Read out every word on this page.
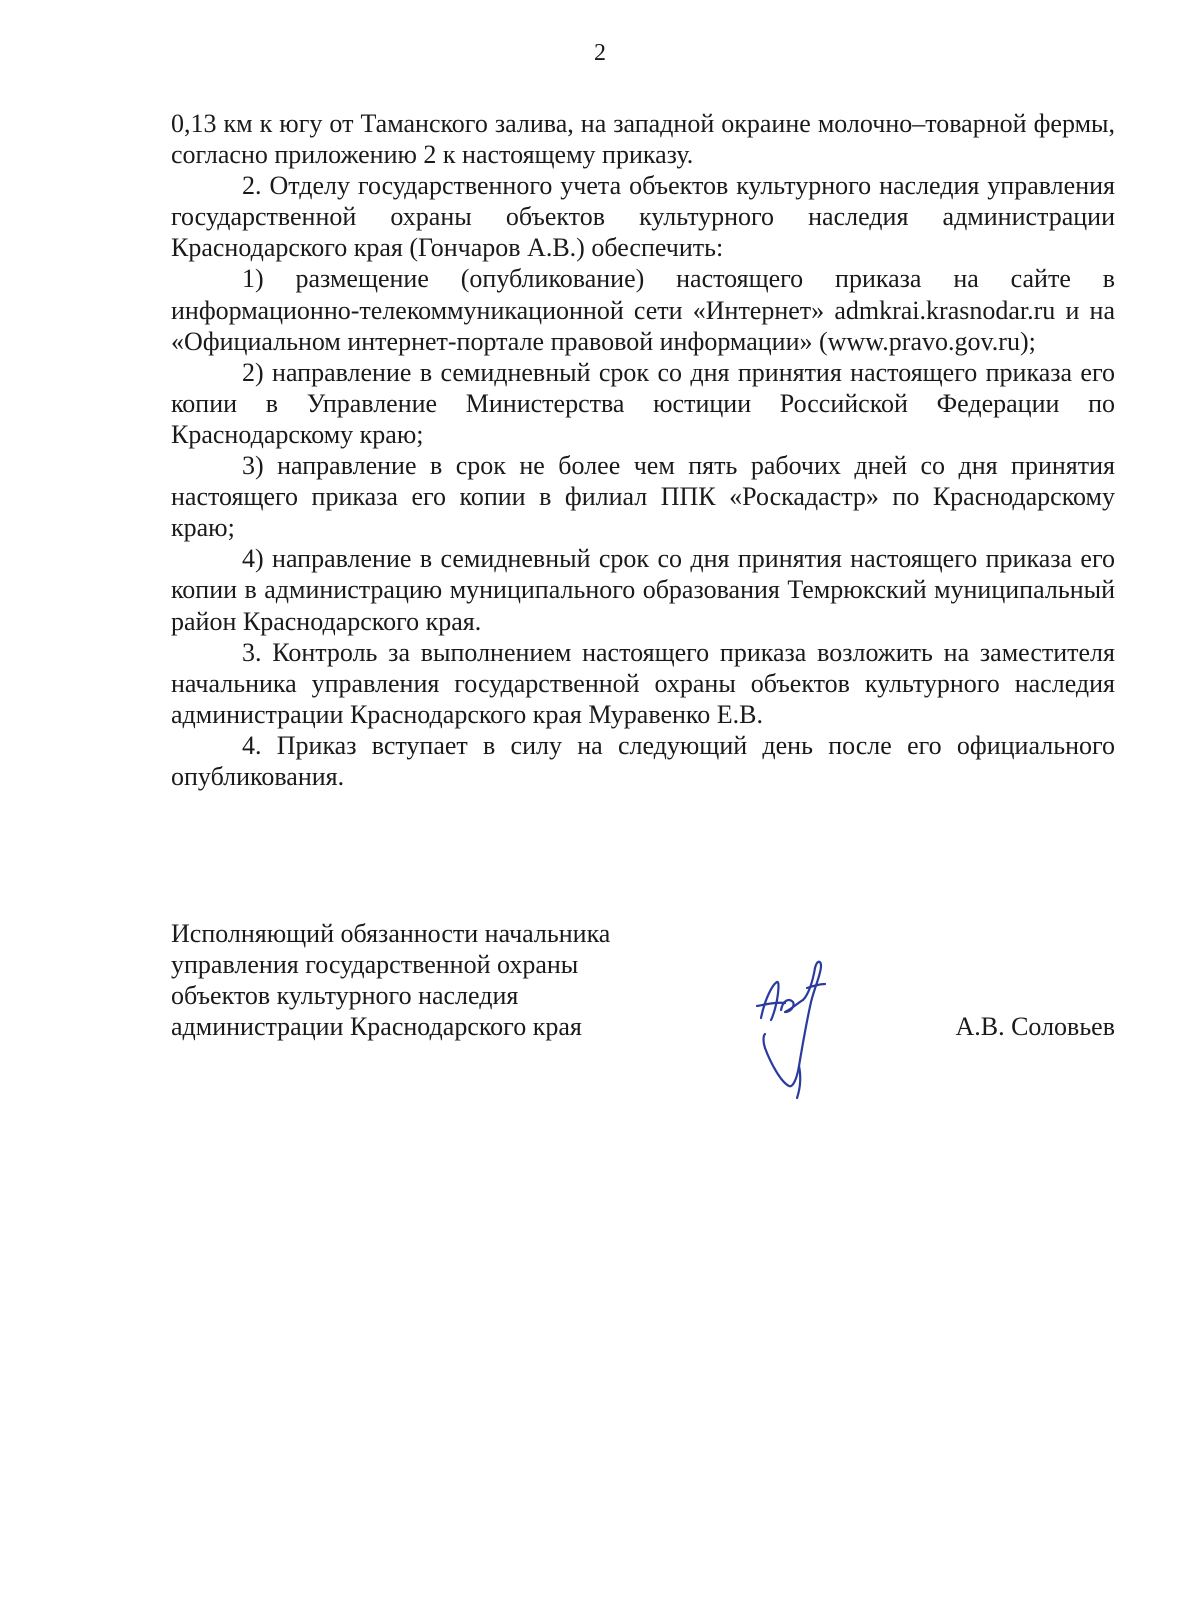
2

0,13 км к югу от Таманского залива, на западной окраине молочно–товарной фермы, согласно приложению 2 к настоящему приказу.

2. Отделу государственного учета объектов культурного наследия управления государственной охраны объектов культурного наследия администрации Краснодарского края (Гончаров А.В.) обеспечить:

1) размещение (опубликование) настоящего приказа на сайте в информационно-телекоммуникационной сети «Интернет» admkrai.krasnodar.ru и на «Официальном интернет-портале правовой информации» (www.pravo.gov.ru);

2) направление в семидневный срок со дня принятия настоящего приказа его копии в Управление Министерства юстиции Российской Федерации по Краснодарскому краю;

3) направление в срок не более чем пять рабочих дней со дня принятия настоящего приказа его копии в филиал ППК «Роскадастр» по Краснодарскому краю;

4) направление в семидневный срок со дня принятия настоящего приказа его копии в администрацию муниципального образования Темрюкский муниципальный район Краснодарского края.

3. Контроль за выполнением настоящего приказа возложить на заместителя начальника управления государственной охраны объектов культурного наследия администрации Краснодарского края Муравенко Е.В.

4. Приказ вступает в силу на следующий день после его официального опубликования.

Исполняющий обязанности начальника
управления государственной охраны
объектов культурного наследия
администрации Краснодарского края	А.В. Соловьев
